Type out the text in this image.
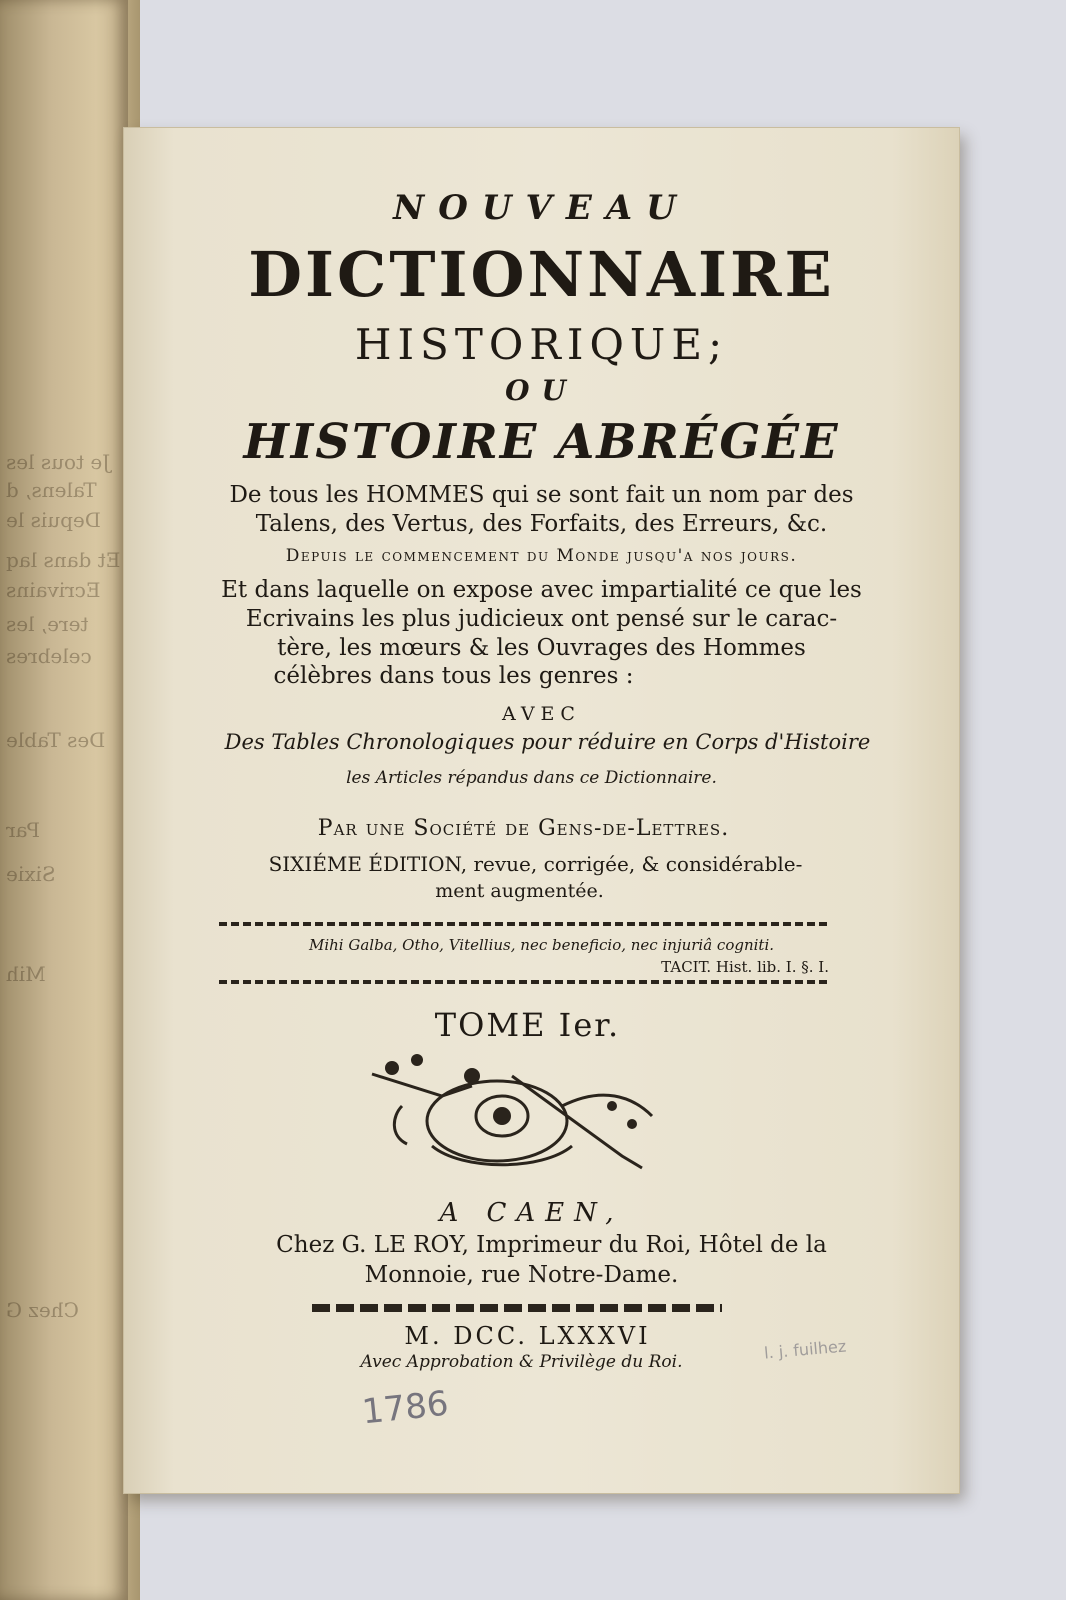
Je tous les
Talens, d
Depuis le
Et dans laq
Ecrivains
tere, les
celebres
Des Table
Par
Sixie
Mih
Chez G
NOUVEAU
DICTIONNAIRE
HISTORIQUE;
OU
HISTOIRE ABRÉGÉE
De tous les HOMMES qui se sont fait un nom par des
Talens, des Vertus, des Forfaits, des Erreurs, &c.
Depuis le commencement du Monde jusqu'a nos jours.
Et dans laquelle on expose avec impartialité ce que les
Ecrivains les plus judicieux ont pensé sur le carac-
tère, les mœurs & les Ouvrages des Hommes
célèbres dans tous les genres :
AVEC
Des Tables Chronologiques pour réduire en Corps d'Histoire
les Articles répandus dans ce Dictionnaire.
Par une Société de Gens-de-Lettres.
SIXIÉME ÉDITION, revue, corrigée, & considérable-
ment augmentée.
Mihi Galba, Otho, Vitellius, nec beneficio, nec injuriâ cogniti.
TACIT. Hist. lib. I. §. I.
TOME Ier.
A CAEN,
Chez G. LE ROY, Imprimeur du Roi, Hôtel de la
Monnoie, rue Notre-Dame.
M. DCC. LXXXVI
Avec Approbation & Privilège du Roi.
1786
l. j. fuilhez
